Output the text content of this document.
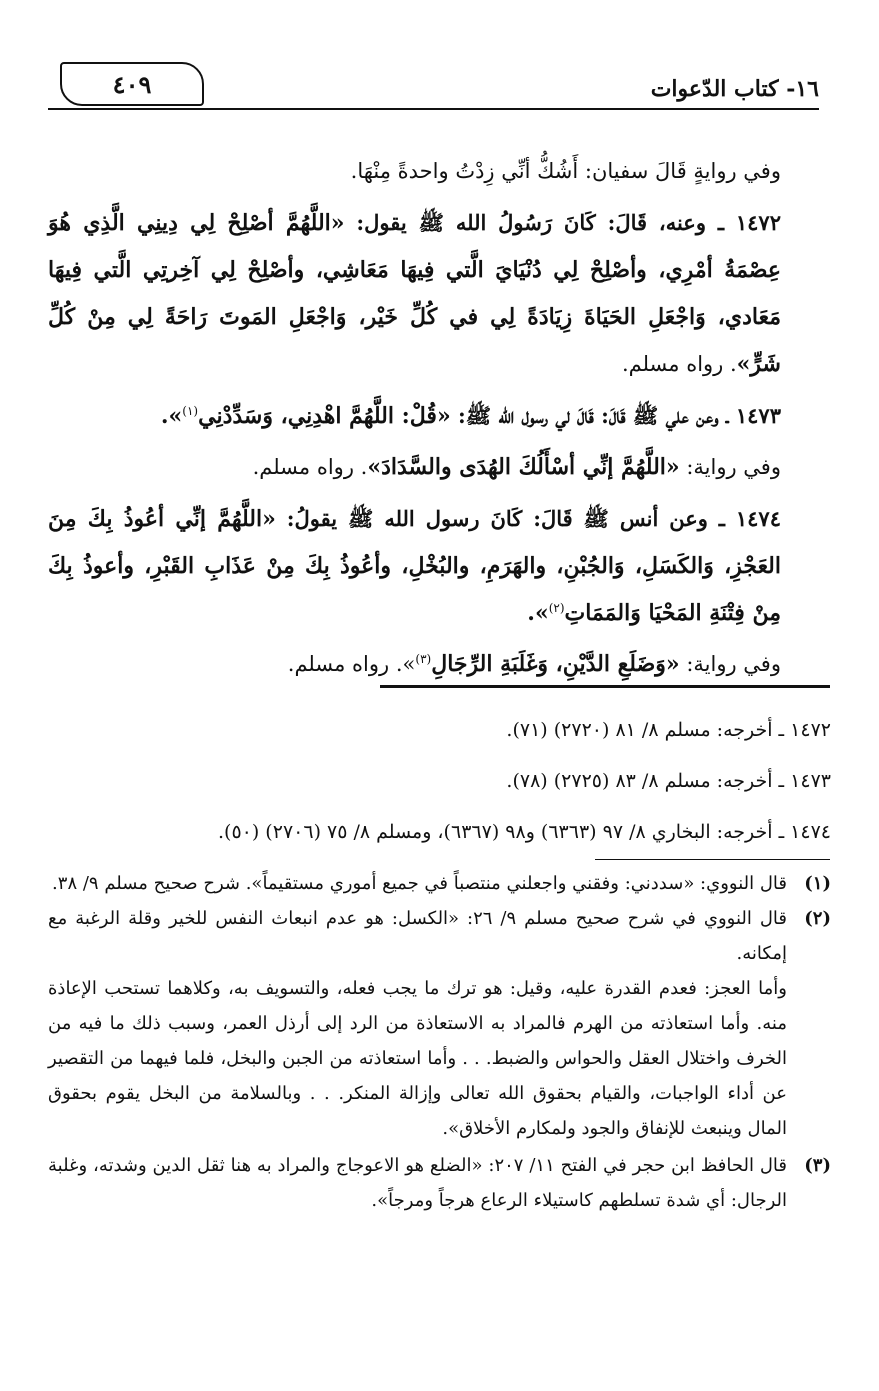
٤٠٩	١٦- كتاب الدّعوات

وفي روايةٍ قَالَ سفيان: أَشُكُّ أنِّي زِدْتُ واحدةً مِنْهَا.

١٤٧٢ ـ وعنه، قَالَ: كَانَ رَسُولُ الله ﷺ يقول: «اللَّهُمَّ أصْلِحْ لِي دِينِي الَّذِي هُوَ عِصْمَةُ أمْرِي، وأصْلِحْ لِي دُنْيَايَ الَّتي فِيهَا مَعَاشِي، وأصْلِحْ لِي آخِرتِي الَّتي فِيهَا مَعَادي، وَاجْعَلِ الحَيَاةَ زِيَادَةً لِي في كُلِّ خَيْر، وَاجْعَلِ المَوتَ رَاحَةً لِي مِنْ كُلِّ شَرٍّ». رواه مسلم.

١٤٧٣ ـ وعن علي ﷺ قَالَ: قَالَ لي رسول الله ﷺ: «قُلْ: اللَّهُمَّ اهْدِنِي، وَسَدِّدْنِي$^{(١)}$».

وفي رواية: «اللَّهُمَّ إنِّي أسْأَلُكَ الهُدَى والسَّدَادَ». رواه مسلم.

١٤٧٤ ـ وعن أنس ﷺ قَالَ: كَانَ رسول الله ﷺ يقولُ: «اللَّهُمَّ إنِّي أعُوذُ بِكَ مِنَ العَجْزِ، وَالكَسَلِ، وَالجُبْنِ، والهَرَمِ، والبُخْلِ، وأعُوذُ بِكَ مِنْ عَذَابِ القَبْرِ، وأعوذُ بِكَ مِنْ فِتْنَةِ المَحْيَا وَالمَمَاتِ$^{(٢)}$».

وفي رواية: «وَضَلَعِ الدَّيْنِ، وَغَلَبَةِ الرِّجَالِ$^{(٣)}$». رواه مسلم.

١٤٧٢ ـ أخرجه: مسلم ٨/ ٨١ (٢٧٢٠) (٧١).

١٤٧٣ ـ أخرجه: مسلم ٨/ ٨٣ (٢٧٢٥) (٧٨).

١٤٧٤ ـ أخرجه: البخاري ٨/ ٩٧ (٦٣٦٣) و٩٨ (٦٣٦٧)، ومسلم ٨/ ٧٥ (٢٧٠٦) (٥٠).

(١)
قال النووي: «سددني: وفقني واجعلني منتصباً في جميع أموري مستقيماً». شرح صحيح مسلم ٩/ ٣٨.
(٢)
قال النووي في شرح صحيح مسلم ٩/ ٢٦: «الكسل: هو عدم انبعاث النفس للخير وقلة الرغبة مع إمكانه.

وأما العجز: فعدم القدرة عليه، وقيل: هو ترك ما يجب فعله، والتسويف به، وكلاهما تستحب الإعاذة منه. وأما استعاذته من الهرم فالمراد به الاستعاذة من الرد إلى أرذل العمر، وسبب ذلك ما فيه من الخرف واختلال العقل والحواس والضبط. . . وأما استعاذته من الجبن والبخل، فلما فيهما من التقصير عن أداء الواجبات، والقيام بحقوق الله تعالى وإزالة المنكر. . . وبالسلامة من البخل يقوم بحقوق المال وينبعث للإنفاق والجود ولمكارم الأخلاق».

(٣)
قال الحافظ ابن حجر في الفتح ١١/ ٢٠٧: «الضلع هو الاعوجاج والمراد به هنا ثقل الدين وشدته، وغلبة الرجال: أي شدة تسلطهم كاستيلاء الرعاع هرجاً ومرجاً».
